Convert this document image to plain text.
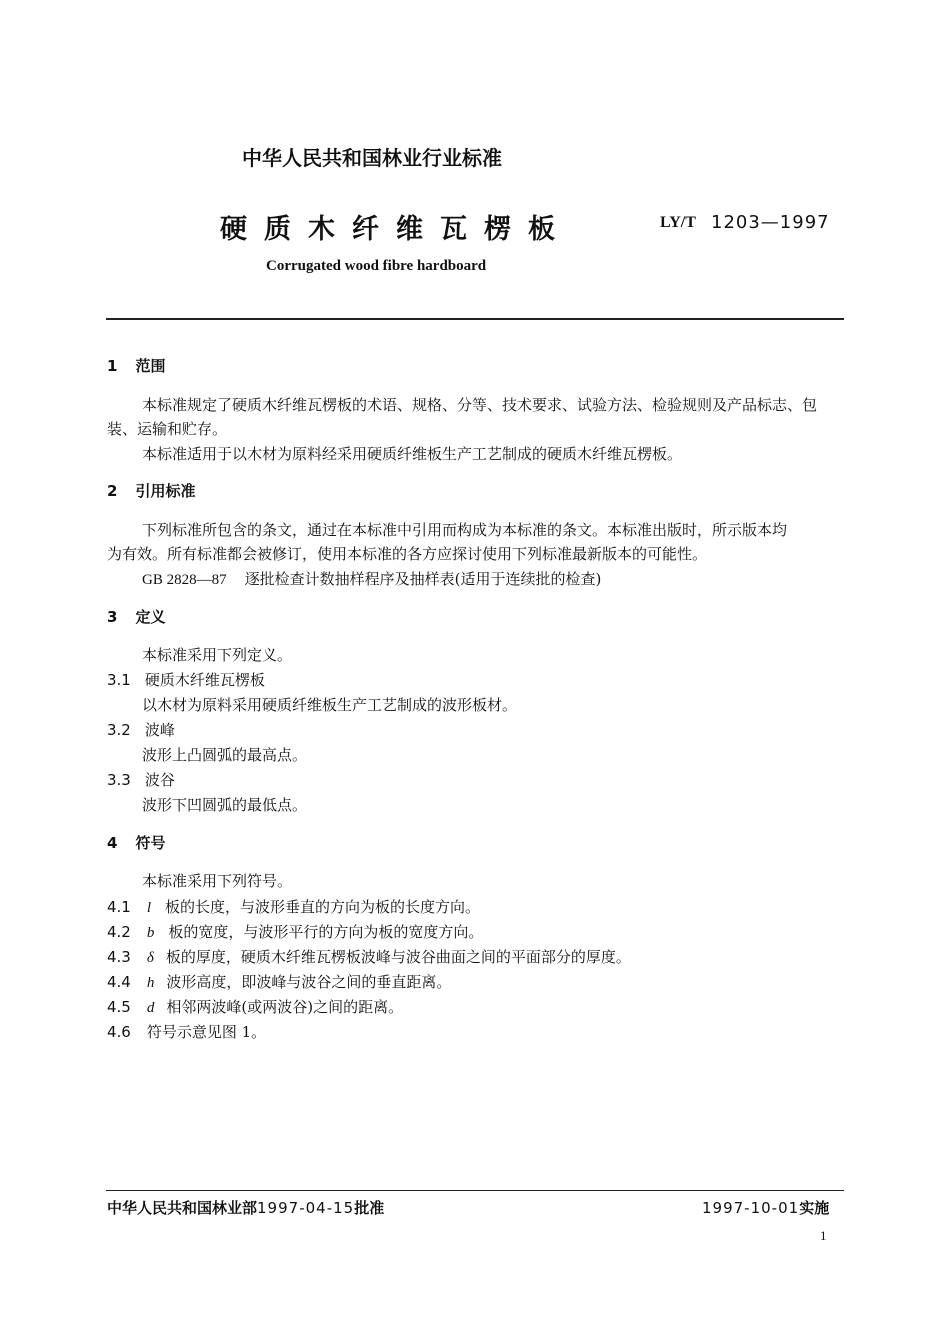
中华人民共和国林业行业标准
硬质木纤维瓦楞板	LY/T 1203—1997
Corrugated wood fibre hardboard
1 范围
本标准规定了硬质木纤维瓦楞板的术语、规格、分等、技术要求、试验方法、检验规则及产品标志、包
装、运输和贮存。
本标准适用于以木材为原料经采用硬质纤维板生产工艺制成的硬质木纤维瓦楞板。
2 引用标准
下列标准所包含的条文，通过在本标准中引用而构成为本标准的条文。本标准出版时，所示版本均
为有效。所有标准都会被修订，使用本标准的各方应探讨使用下列标准最新版本的可能性。
GB 2828—87 逐批检查计数抽样程序及抽样表(适用于连续批的检查)
3 定义
本标准采用下列定义。
3.1 硬质木纤维瓦楞板
以木材为原料采用硬质纤维板生产工艺制成的波形板材。
3.2 波峰
波形上凸圆弧的最高点。
3.3 波谷
波形下凹圆弧的最低点。
4 符号
本标准采用下列符号。
4.1 l 板的长度，与波形垂直的方向为板的长度方向。
4.2 b 板的宽度，与波形平行的方向为板的宽度方向。
4.3 δ 板的厚度，硬质木纤维瓦楞板波峰与波谷曲面之间的平面部分的厚度。
4.4 h 波形高度，即波峰与波谷之间的垂直距离。
4.5 d 相邻两波峰(或两波谷)之间的距离。
4.6 符号示意见图 1。
中华人民共和国林业部1997-04-15批准	1997-10-01实施
1
